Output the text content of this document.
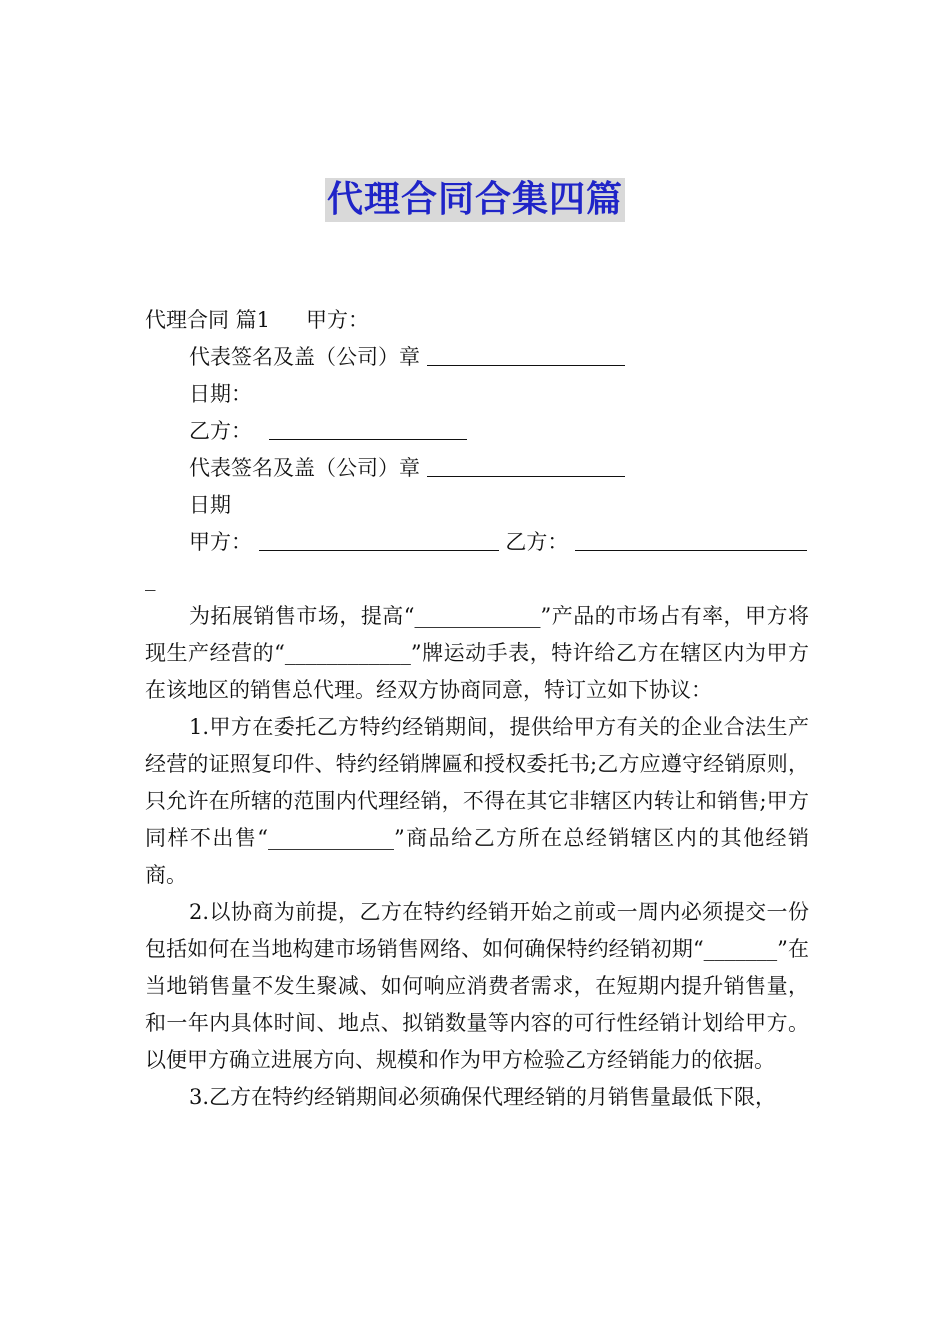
代理合同合集四篇
代理合同 篇1 甲方：
代表签名及盖（公司）章
日期：
乙方：
代表签名及盖（公司）章
日期
甲方：	乙方：
_

为拓展销售市场，提高“____________”产品的市场占有率，甲方将现生产经营的“____________”牌运动手表，特许给乙方在辖区内为甲方在该地区的销售总代理。经双方协商同意，特订立如下协议：

1.甲方在委托乙方特约经销期间，提供给甲方有关的企业合法生产经营的证照复印件、特约经销牌匾和授权委托书;乙方应遵守经销原则，只允许在所辖的范围内代理经销，不得在其它非辖区内转让和销售;甲方同样不出售“____________”商品给乙方所在总经销辖区内的其他经销商。

2.以协商为前提，乙方在特约经销开始之前或一周内必须提交一份包括如何在当地构建市场销售网络、如何确保特约经销初期“_______”在当地销售量不发生聚减、如何响应消费者需求，在短期内提升销售量，和一年内具体时间、地点、拟销数量等内容的可行性经销计划给甲方。以便甲方确立进展方向、规模和作为甲方检验乙方经销能力的依据。

3.乙方在特约经销期间必须确保代理经销的月销售量最低下限，
